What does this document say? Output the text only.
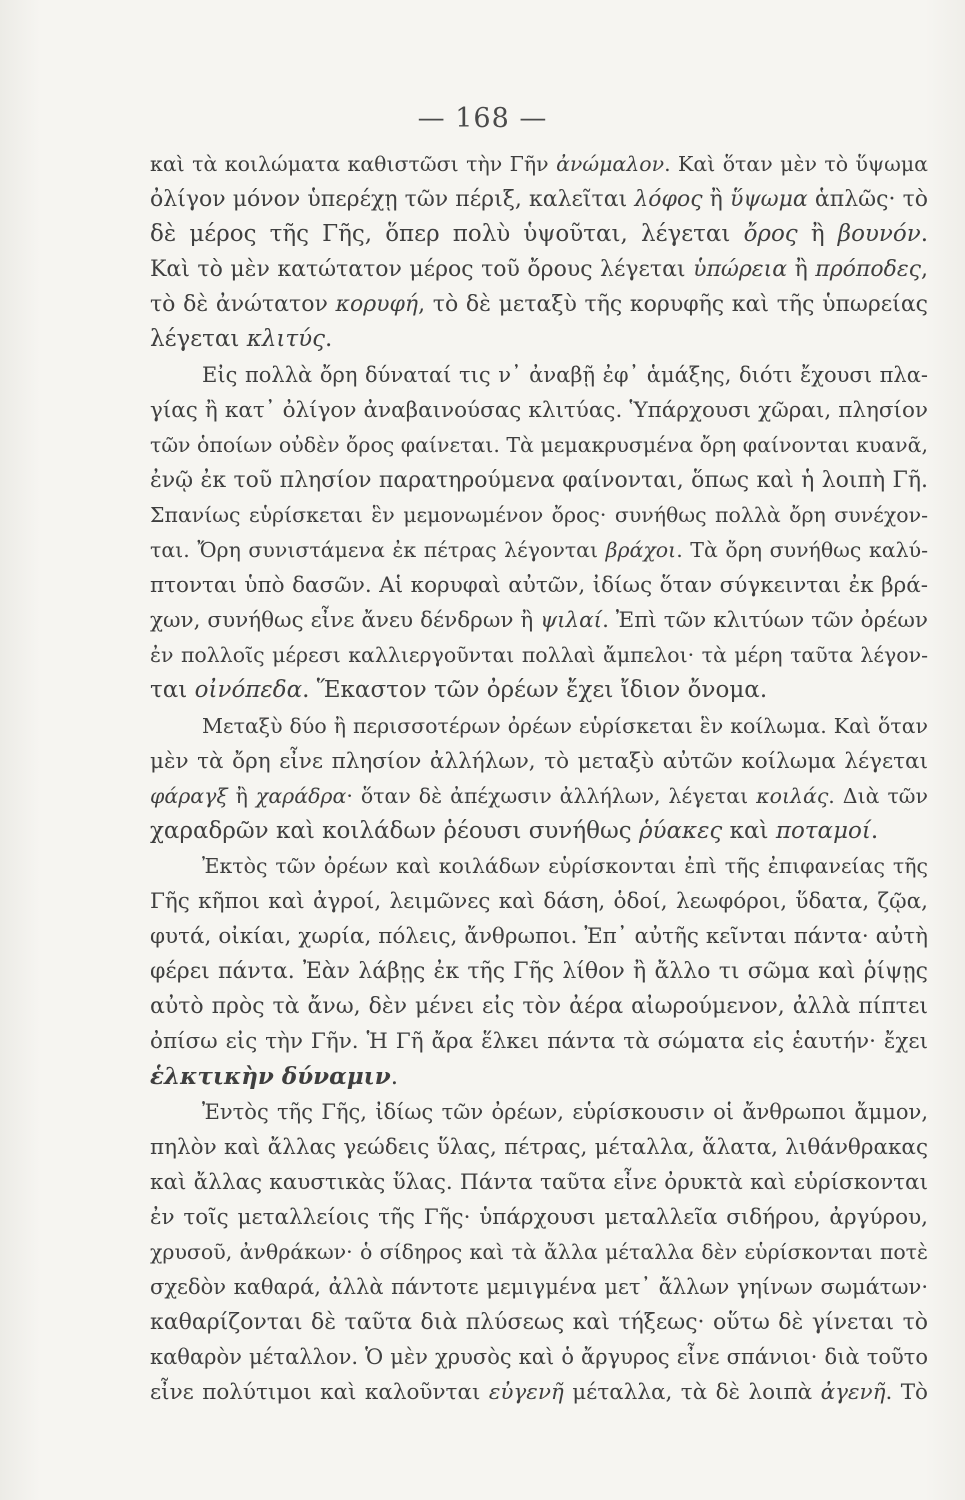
— 168 —
καὶ τὰ κοιλώματα καθιστῶσι τὴν Γῆν ἀνώμαλον. Καὶ ὅταν μὲν τὸ ὕψωμα
ὀλίγον μόνον ὑπερέχῃ τῶν πέριξ, καλεῖται λόφος ἢ ὕψωμα ἁπλῶς· τὸ
δὲ μέρος τῆς Γῆς, ὅπερ πολὺ ὑψοῦται, λέγεται ὄρος ἢ βουνόν.
Καὶ τὸ μὲν κατώτατον μέρος τοῦ ὄρους λέγεται ὑπώρεια ἢ πρόποδες,
τὸ δὲ ἀνώτατον κορυφή, τὸ δὲ μεταξὺ τῆς κορυφῆς καὶ τῆς ὑπωρείας
λέγεται κλιτύς.
Εἰς πολλὰ ὄρη δύναταί τις ν᾽ ἀναβῇ ἐφ᾽ ἁμάξης, διότι ἔχουσι πλα-
γίας ἢ κατ᾽ ὀλίγον ἀναβαινούσας κλιτύας. Ὑπάρχουσι χῶραι, πλησίον
τῶν ὁποίων οὐδὲν ὄρος φαίνεται. Τὰ μεμακρυσμένα ὄρη φαίνονται κυανᾶ,
ἐνῷ ἐκ τοῦ πλησίον παρατηρούμενα φαίνονται, ὅπως καὶ ἡ λοιπὴ Γῆ.
Σπανίως εὑρίσκεται ἓν μεμονωμένον ὄρος· συνήθως πολλὰ ὄρη συνέχον-
ται. Ὄρη συνιστάμενα ἐκ πέτρας λέγονται βράχοι. Τὰ ὄρη συνήθως καλύ-
πτονται ὑπὸ δασῶν. Αἱ κορυφαὶ αὐτῶν, ἰδίως ὅταν σύγκεινται ἐκ βρά-
χων, συνήθως εἶνε ἄνευ δένδρων ἢ ψιλαί. Ἐπὶ τῶν κλιτύων τῶν ὀρέων
ἐν πολλοῖς μέρεσι καλλιεργοῦνται πολλαὶ ἄμπελοι· τὰ μέρη ταῦτα λέγον-
ται οἰνόπεδα. Ἕκαστον τῶν ὀρέων ἔχει ἴδιον ὄνομα.
Μεταξὺ δύο ἢ περισσοτέρων ὀρέων εὑρίσκεται ἓν κοίλωμα. Καὶ ὅταν
μὲν τὰ ὄρη εἶνε πλησίον ἀλλήλων, τὸ μεταξὺ αὐτῶν κοίλωμα λέγεται
φάραγξ ἢ χαράδρα· ὅταν δὲ ἀπέχωσιν ἀλλήλων, λέγεται κοιλάς. Διὰ τῶν
χαραδρῶν καὶ κοιλάδων ῥέουσι συνήθως ῥύακες καὶ ποταμοί.
Ἐκτὸς τῶν ὀρέων καὶ κοιλάδων εὑρίσκονται ἐπὶ τῆς ἐπιφανείας τῆς
Γῆς κῆποι καὶ ἀγροί, λειμῶνες καὶ δάση, ὁδοί, λεωφόροι, ὕδατα, ζῷα,
φυτά, οἰκίαι, χωρία, πόλεις, ἄνθρωποι. Ἐπ᾽ αὐτῆς κεῖνται πάντα· αὐτὴ
φέρει πάντα. Ἐὰν λάβῃς ἐκ τῆς Γῆς λίθον ἢ ἄλλο τι σῶμα καὶ ῥίψῃς
αὐτὸ πρὸς τὰ ἄνω, δὲν μένει εἰς τὸν ἀέρα αἰωρούμενον, ἀλλὰ πίπτει
ὀπίσω εἰς τὴν Γῆν. Ἡ Γῆ ἄρα ἕλκει πάντα τὰ σώματα εἰς ἑαυτήν· ἔχει
ἑλκτικὴν δύναμιν.
Ἐντὸς τῆς Γῆς, ἰδίως τῶν ὀρέων, εὑρίσκουσιν οἱ ἄνθρωποι ἄμμον,
πηλὸν καὶ ἄλλας γεώδεις ὕλας, πέτρας, μέταλλα, ἅλατα, λιθάνθρακας
καὶ ἄλλας καυστικὰς ὕλας. Πάντα ταῦτα εἶνε ὀρυκτὰ καὶ εὑρίσκονται
ἐν τοῖς μεταλλείοις τῆς Γῆς· ὑπάρχουσι μεταλλεῖα σιδήρου, ἀργύρου,
χρυσοῦ, ἀνθράκων· ὁ σίδηρος καὶ τὰ ἄλλα μέταλλα δὲν εὑρίσκονται ποτὲ
σχεδὸν καθαρά, ἀλλὰ πάντοτε μεμιγμένα μετ᾽ ἄλλων γηίνων σωμάτων·
καθαρίζονται δὲ ταῦτα διὰ πλύσεως καὶ τήξεως· οὕτω δὲ γίνεται τὸ
καθαρὸν μέταλλον. Ὁ μὲν χρυσὸς καὶ ὁ ἄργυρος εἶνε σπάνιοι· διὰ τοῦτο
εἶνε πολύτιμοι καὶ καλοῦνται εὐγενῆ μέταλλα, τὰ δὲ λοιπὰ ἀγενῆ. Τὸ
